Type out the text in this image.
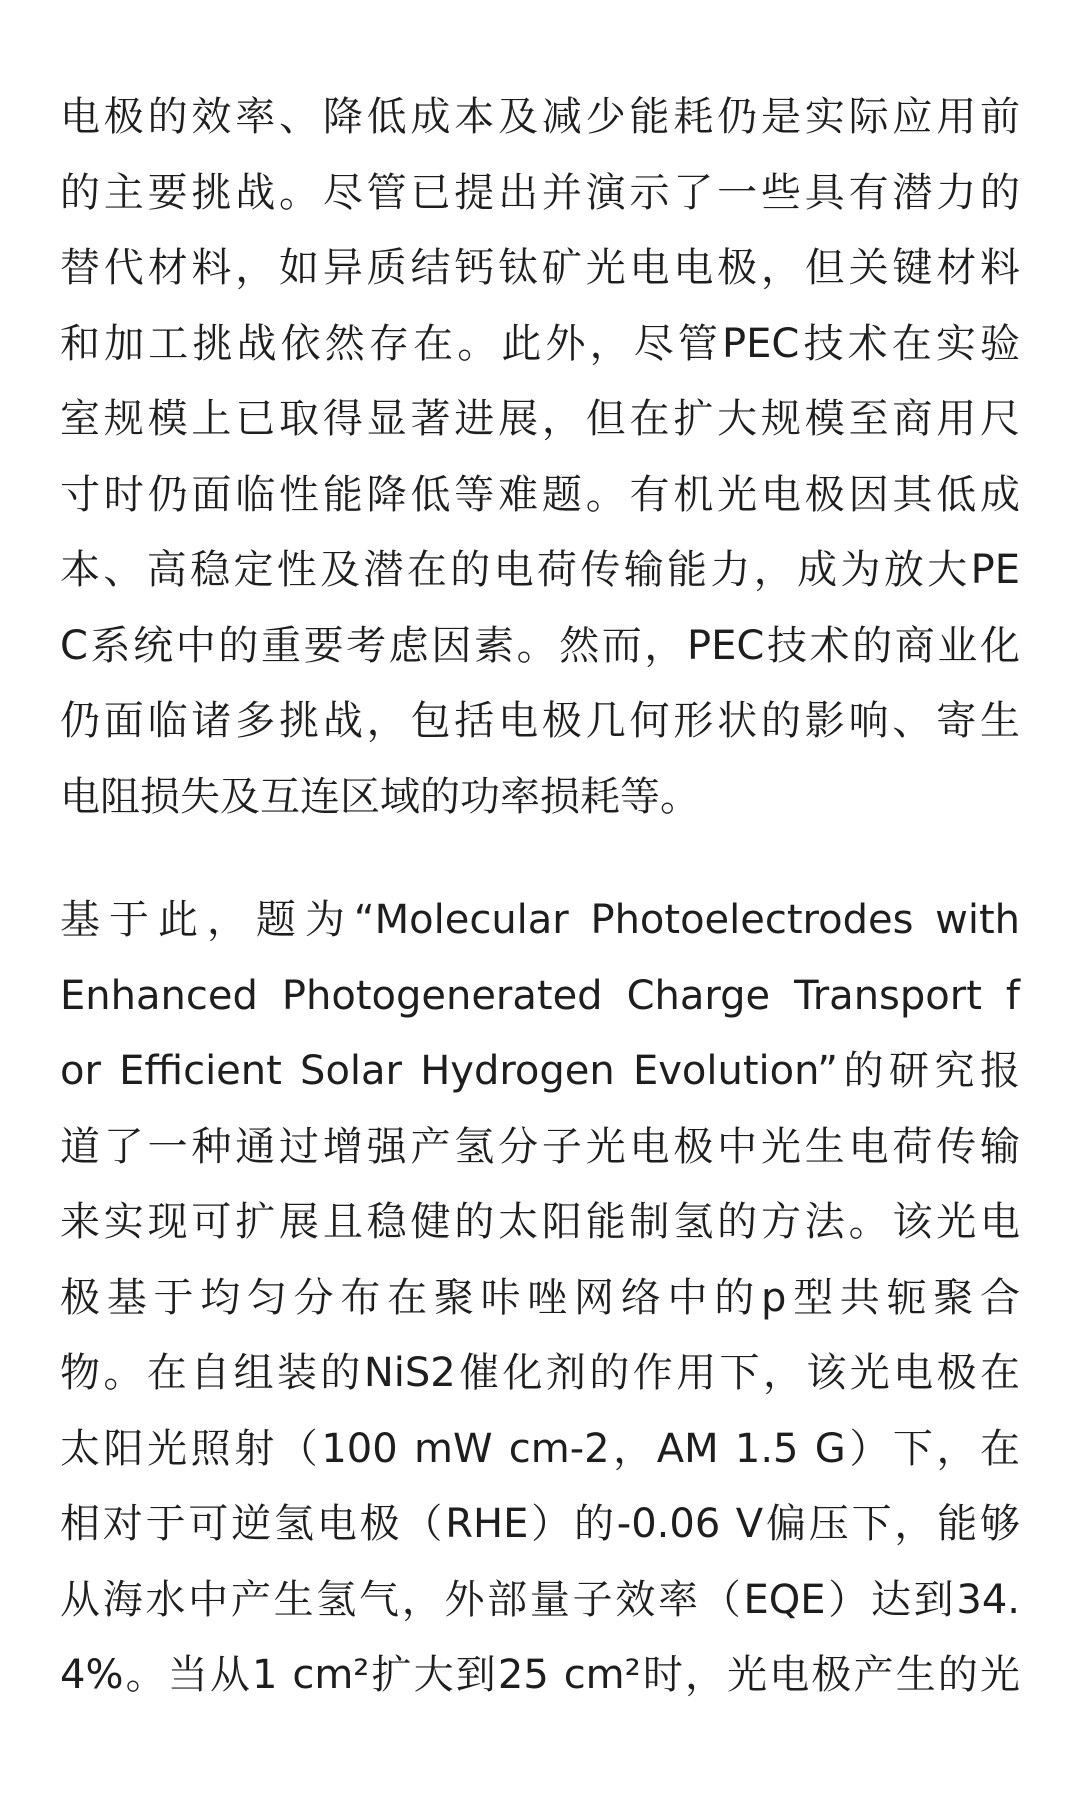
电极的效率、降低成本及减少能耗仍是实际应用前
的主要挑战。尽管已提出并演示了一些具有潜力的
替代材料，如异质结钙钛矿光电电极，但关键材料
和加工挑战依然存在。此外，尽管PEC技术在实验
室规模上已取得显著进展，但在扩大规模至商用尺
寸时仍面临性能降低等难题。有机光电极因其低成
本、高稳定性及潜在的电荷传输能力，成为放大PE
C系统中的重要考虑因素。然而，PEC技术的商业化
仍面临诸多挑战，包括电极几何形状的影响、寄生
电阻损失及互连区域的功率损耗等。
基于此，题为“Molecular Photoelectrodes with
Enhanced Photogenerated Charge Transport f
or Efficient Solar Hydrogen Evolution”的研究报
道了一种通过增强产氢分子光电极中光生电荷传输
来实现可扩展且稳健的太阳能制氢的方法。该光电
极基于均匀分布在聚咔唑网络中的p型共轭聚合
物。在自组装的NiS2催化剂的作用下，该光电极在
太阳光照射（100 mW cm-2，AM 1.5 G）下，在
相对于可逆氢电极（RHE）的-0.06 V偏压下，能够
从海水中产生氢气，外部量子效率（EQE）达到34.
4%。当从1 cm²扩大到25 cm²时，光电极产生的光
